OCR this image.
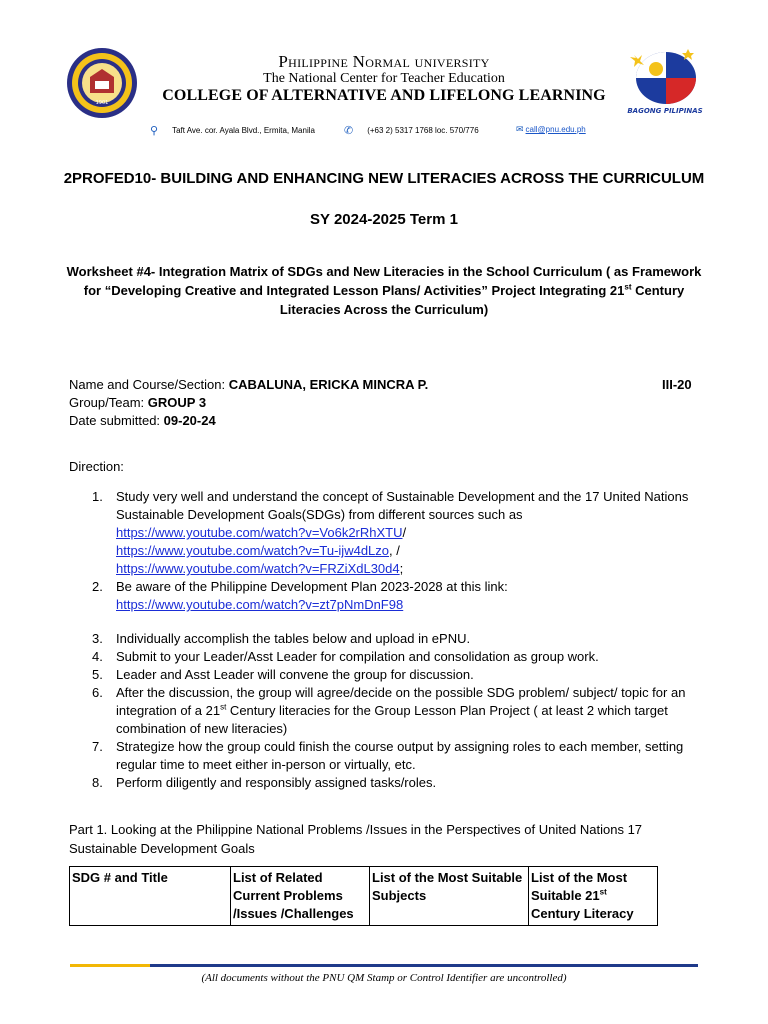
1901
BAGONG PILIPINAS
Philippine Normal university
The National Center for Teacher Education
COLLEGE OF ALTERNATIVE AND LIFELONG LEARNING
⚲ Taft Ave. cor. Ayala Blvd., Ermita, Manila	✆ (+63 2) 5317 1768 loc. 570/776	✉ call@pnu.edu.ph
2PROFED10- BUILDING AND ENHANCING NEW LITERACIES ACROSS THE CURRICULUM
SY 2024-2025 Term 1
Worksheet #4- Integration Matrix of SDGs and New Literacies in the School Curriculum ( as Framework for “Developing Creative and Integrated Lesson Plans/ Activities” Project Integrating 21st Century Literacies Across the Curriculum)
Name and Course/Section: CABALUNA, ERICKA MINCRA P.	III-20
Group/Team: GROUP 3
Date submitted: 09-20-24
Direction:
1. Study very well and understand the concept of Sustainable Development and the 17 United Nations Sustainable Development Goals(SDGs) from different sources such as
https://www.youtube.com/watch?v=Vo6k2rRhXTU/
https://www.youtube.com/watch?v=Tu-ijw4dLzo, /
https://www.youtube.com/watch?v=FRZiXdL30d4;
2. Be aware of the Philippine Development Plan 2023-2028 at this link:
https://www.youtube.com/watch?v=zt7pNmDnF98
3. Individually accomplish the tables below and upload in ePNU.
4. Submit to your Leader/Asst Leader for compilation and consolidation as group work.
5. Leader and Asst Leader will convene the group for discussion.
6. After the discussion, the group will agree/decide on the possible SDG problem/ subject/ topic for an integration of a 21st Century literacies for the Group Lesson Plan Project ( at least 2 which target combination of new literacies)
7. Strategize how the group could finish the course output by assigning roles to each member, setting regular time to meet either in-person or virtually, etc.
8. Perform diligently and responsibly assigned tasks/roles.
Part 1. Looking at the Philippine National Problems /Issues in the Perspectives of United Nations 17 Sustainable Development Goals
SDG # and Title	List of Related Current Problems /Issues /Challenges	List of the Most Suitable Subjects	List of the Most Suitable 21st Century Literacy
(All documents without the PNU QM Stamp or Control Identifier are uncontrolled)
